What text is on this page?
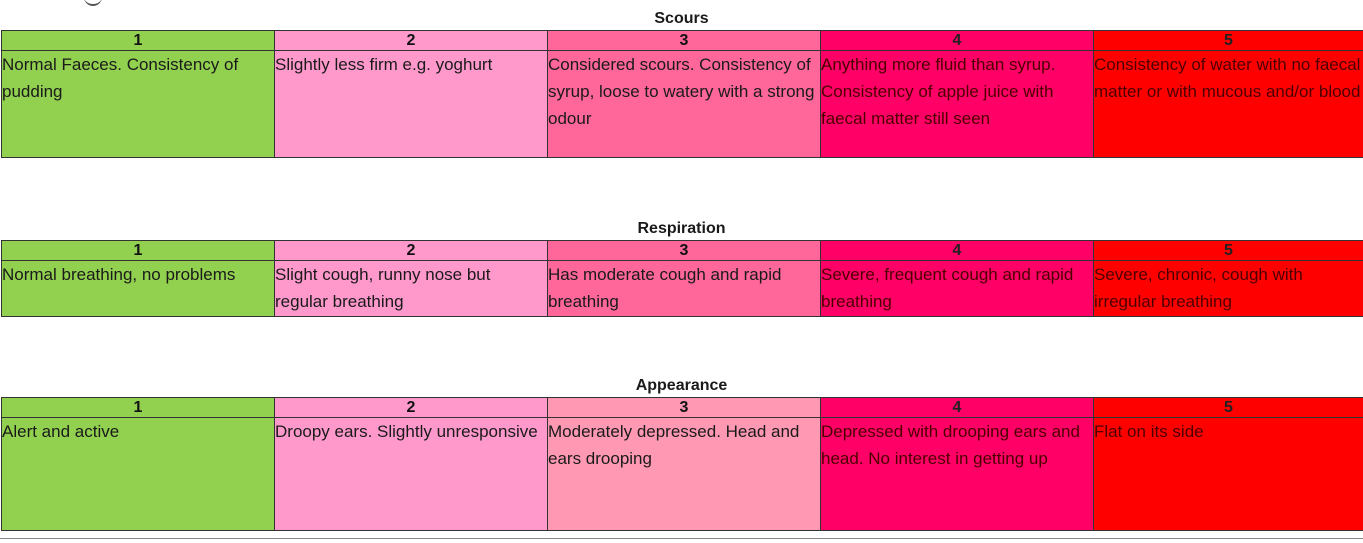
Scours
1	2	3	4	5
Normal Faeces. Consistency of pudding	Slightly less firm e.g. yoghurt	Considered scours. Consistency of syrup, loose to watery with a strong odour	Anything more fluid than syrup. Consistency of apple juice with faecal matter still seen	Consistency of water with no faecal matter or with mucous and/or blood
Respiration
1	2	3	4	5
Normal breathing, no problems	Slight cough, runny nose but regular breathing	Has moderate cough and rapid breathing	Severe, frequent cough and rapid breathing	Severe, chronic, cough with irregular breathing
Appearance
1	2	3	4	5
Alert and active	Droopy ears. Slightly unresponsive	Moderately depressed. Head and ears drooping	Depressed with drooping ears and head. No interest in getting up	Flat on its side
